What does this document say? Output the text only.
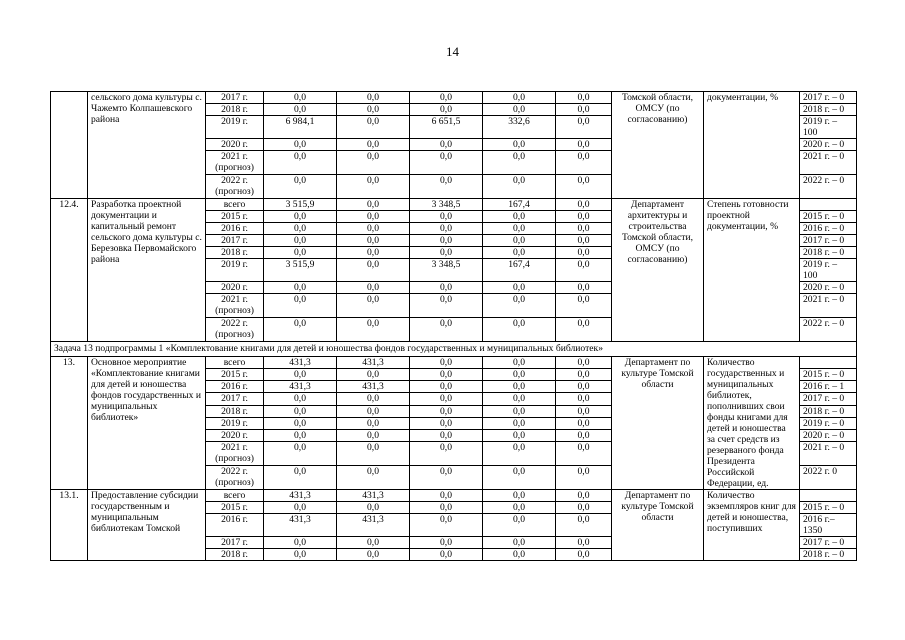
14
	сельского дома культуры с. Чажемто Колпашевского района	2017 г.	0,0	0,0	0,0	0,0	0,0	Томской области, ОМСУ (по согласованию)	документации, %	2017 г. – 0
		2018 г.	0,0	0,0	0,0	0,0	0,0			2018 г. – 0
		2019 г.	6 984,1	0,0	6 651,5	332,6	0,0			2019 г. – 100
		2020 г.	0,0	0,0	0,0	0,0	0,0			2020 г. – 0
		2021 г. (прогноз)	0,0	0,0	0,0	0,0	0,0			2021 г. – 0
		2022 г. (прогноз)	0,0	0,0	0,0	0,0	0,0			2022 г. – 0
12.4.	Разработка проектной документации и капитальный ремонт сельского дома культуры с. Березовка Первомайского района	всего	3 515,9	0,0	3 348,5	167,4	0,0	Департамент архитектуры и строительства Томской области, ОМСУ (по согласованию)	Степень готовности проектной документации, %	
		2015 г.	0,0	0,0	0,0	0,0	0,0			2015 г. – 0
		2016 г.	0,0	0,0	0,0	0,0	0,0			2016 г. – 0
		2017 г.	0,0	0,0	0,0	0,0	0,0			2017 г. – 0
		2018 г.	0,0	0,0	0,0	0,0	0,0			2018 г. – 0
		2019 г.	3 515,9	0,0	3 348,5	167,4	0,0			2019 г. – 100
		2020 г.	0,0	0,0	0,0	0,0	0,0			2020 г. – 0
		2021 г. (прогноз)	0,0	0,0	0,0	0,0	0,0			2021 г. – 0
		2022 г. (прогноз)	0,0	0,0	0,0	0,0	0,0			2022 г. – 0
Задача 13 подпрограммы 1 «Комплектование книгами для детей и юношества фондов государственных и муниципальных библиотек»										
13.	Основное мероприятие «Комплектование книгами для детей и юношества фондов государственных и муниципальных библиотек»	всего	431,3	431,3	0,0	0,0	0,0	Департамент по культуре Томской области	Количество государственных и муниципальных библиотек, пополнивших свои фонды книгами для детей и юношества за счет средств из резерваного фонда Президента Российской Федерации, ед.	
		2015 г.	0,0	0,0	0,0	0,0	0,0			2015 г. – 0
		2016 г.	431,3	431,3	0,0	0,0	0,0			2016 г. – 1
		2017 г.	0,0	0,0	0,0	0,0	0,0			2017 г. – 0
		2018 г.	0,0	0,0	0,0	0,0	0,0			2018 г. – 0
		2019 г.	0,0	0,0	0,0	0,0	0,0			2019 г. – 0
		2020 г.	0,0	0,0	0,0	0,0	0,0			2020 г. – 0
		2021 г. (прогноз)	0,0	0,0	0,0	0,0	0,0			2021 г. – 0
		2022 г. (прогноз)	0,0	0,0	0,0	0,0	0,0			2022 г. 0
13.1.	Предоставление субсидии государственным и муниципальным библиотекам Томской	всего	431,3	431,3	0,0	0,0	0,0	Департамент по культуре Томской области	Количество экземпляров книг для детей и юношества, поступивших	
		2015 г.	0,0	0,0	0,0	0,0	0,0			2015 г. – 0
		2016 г.	431,3	431,3	0,0	0,0	0,0			2016 г.– 1350
		2017 г.	0,0	0,0	0,0	0,0	0,0			2017 г. – 0
		2018 г.	0,0	0,0	0,0	0,0	0,0			2018 г. – 0
